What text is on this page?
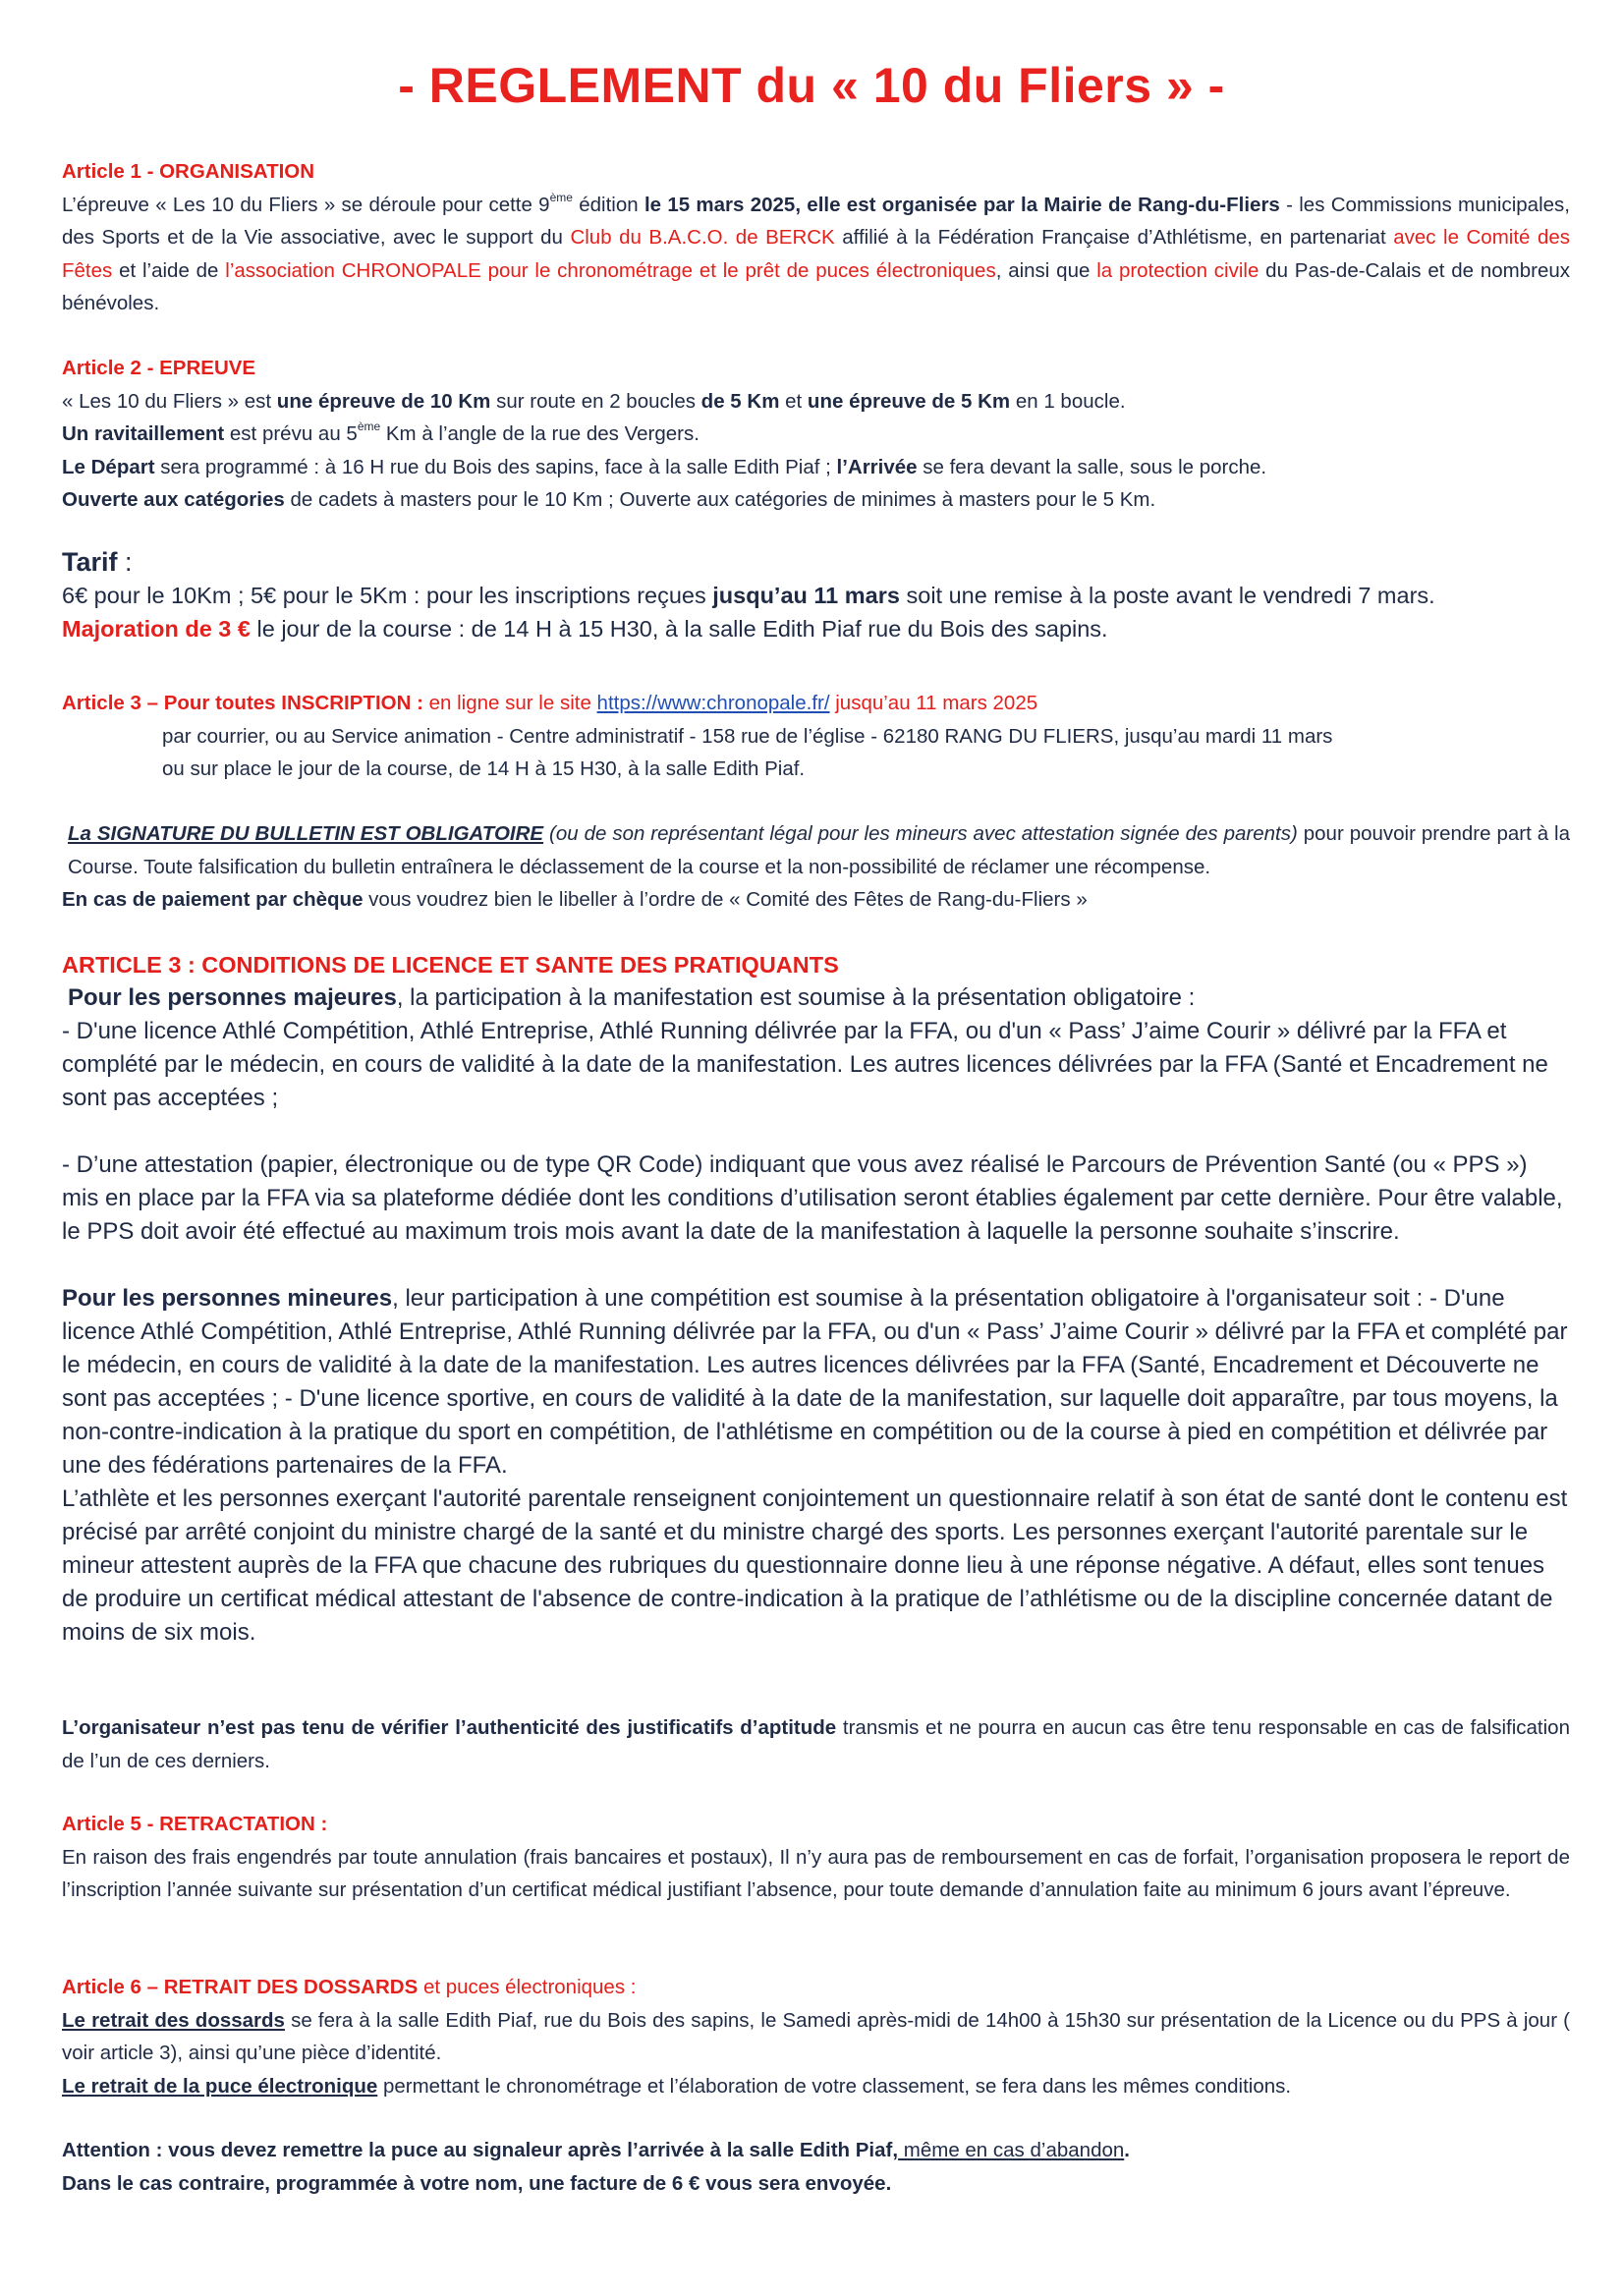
- REGLEMENT du « 10 du Fliers » -

Article 1 - ORGANISATION

L’épreuve « Les 10 du Fliers » se déroule pour cette 9ème édition le 15 mars 2025, elle est organisée par la Mairie de Rang-du-Fliers - les Commissions municipales, des Sports et de la Vie associative, avec le support du Club du B.A.C.O. de BERCK affilié à la Fédération Française d’Athlétisme, en partenariat avec le Comité des Fêtes et l’aide de l’association CHRONOPALE pour le chronométrage et le prêt de puces électroniques, ainsi que la protection civile du Pas-de-Calais et de nombreux bénévoles.

Article 2 - EPREUVE

« Les 10 du Fliers » est une épreuve de 10 Km sur route en 2 boucles de 5 Km et une épreuve de 5 Km en 1 boucle.

Un ravitaillement est prévu au 5ème Km à l’angle de la rue des Vergers.

Le Départ sera programmé : à 16 H rue du Bois des sapins, face à la salle Edith Piaf ; l’Arrivée se fera devant la salle, sous le porche.

Ouverte aux catégories de cadets à masters pour le 10 Km ; Ouverte aux catégories de minimes à masters pour le 5 Km.

Tarif :

6€ pour le 10Km ; 5€ pour le 5Km : pour les inscriptions reçues jusqu’au 11 mars soit une remise à la poste avant le vendredi 7 mars.

Majoration de 3 € le jour de la course : de 14 H à 15 H30, à la salle Edith Piaf rue du Bois des sapins.

Article 3 – Pour toutes INSCRIPTION : en ligne sur le site https://www:chronopale.fr/ jusqu’au 11 mars 2025

par courrier, ou au Service animation - Centre administratif - 158 rue de l’église - 62180 RANG DU FLIERS, jusqu’au mardi 11 mars

ou sur place le jour de la course, de 14 H à 15 H30, à la salle Edith Piaf.

La SIGNATURE DU BULLETIN EST OBLIGATOIRE (ou de son représentant légal pour les mineurs avec attestation signée des parents) pour pouvoir prendre part à la Course. Toute falsification du bulletin entraînera le déclassement de la course et la non-possibilité de réclamer une récompense.

En cas de paiement par chèque vous voudrez bien le libeller à l’ordre de « Comité des Fêtes de Rang-du-Fliers »

ARTICLE 3 : CONDITIONS DE LICENCE ET SANTE DES PRATIQUANTS

Pour les personnes majeures, la participation à la manifestation est soumise à la présentation obligatoire :

- D'une licence Athlé Compétition, Athlé Entreprise, Athlé Running délivrée par la FFA, ou d'un « Pass’ J’aime Courir » délivré par la FFA et complété par le médecin, en cours de validité à la date de la manifestation. Les autres licences délivrées par la FFA (Santé et Encadrement ne sont pas acceptées ;

- D’une attestation (papier, électronique ou de type QR Code) indiquant que vous avez réalisé le Parcours de Prévention Santé (ou « PPS ») mis en place par la FFA via sa plateforme dédiée dont les conditions d’utilisation seront établies également par cette dernière. Pour être valable, le PPS doit avoir été effectué au maximum trois mois avant la date de la manifestation à laquelle la personne souhaite s’inscrire.

Pour les personnes mineures, leur participation à une compétition est soumise à la présentation obligatoire à l'organisateur soit : - D'une licence Athlé Compétition, Athlé Entreprise, Athlé Running délivrée par la FFA, ou d'un « Pass’ J’aime Courir » délivré par la FFA et complété par le médecin, en cours de validité à la date de la manifestation. Les autres licences délivrées par la FFA (Santé, Encadrement et Découverte ne sont pas acceptées ; - D'une licence sportive, en cours de validité à la date de la manifestation, sur laquelle doit apparaître, par tous moyens, la non-contre-indication à la pratique du sport en compétition, de l'athlétisme en compétition ou de la course à pied en compétition et délivrée par une des fédérations partenaires de la FFA.

L’athlète et les personnes exerçant l'autorité parentale renseignent conjointement un questionnaire relatif à son état de santé dont le contenu est précisé par arrêté conjoint du ministre chargé de la santé et du ministre chargé des sports. Les personnes exerçant l'autorité parentale sur le mineur attestent auprès de la FFA que chacune des rubriques du questionnaire donne lieu à une réponse négative. A défaut, elles sont tenues de produire un certificat médical attestant de l'absence de contre-indication à la pratique de l’athlétisme ou de la discipline concernée datant de moins de six mois.

L’organisateur n’est pas tenu de vérifier l’authenticité des justificatifs d’aptitude transmis et ne pourra en aucun cas être tenu responsable en cas de falsification de l’un de ces derniers.

Article 5 - RETRACTATION :

En raison des frais engendrés par toute annulation (frais bancaires et postaux), Il n’y aura pas de remboursement en cas de forfait, l’organisation proposera le report de l’inscription l’année suivante sur présentation d’un certificat médical justifiant l’absence, pour toute demande d’annulation faite au minimum 6 jours avant l’épreuve.

Article 6 – RETRAIT DES DOSSARDS et puces électroniques :

Le retrait des dossards se fera à la salle Edith Piaf, rue du Bois des sapins, le Samedi après-midi de 14h00 à 15h30 sur présentation de la Licence ou du PPS à jour ( voir article 3), ainsi qu’une pièce d’identité.

Le retrait de la puce électronique permettant le chronométrage et l’élaboration de votre classement, se fera dans les mêmes conditions.

Attention : vous devez remettre la puce au signaleur après l’arrivée à la salle Edith Piaf, même en cas d’abandon.

Dans le cas contraire, programmée à votre nom, une facture de 6 € vous sera envoyée.
